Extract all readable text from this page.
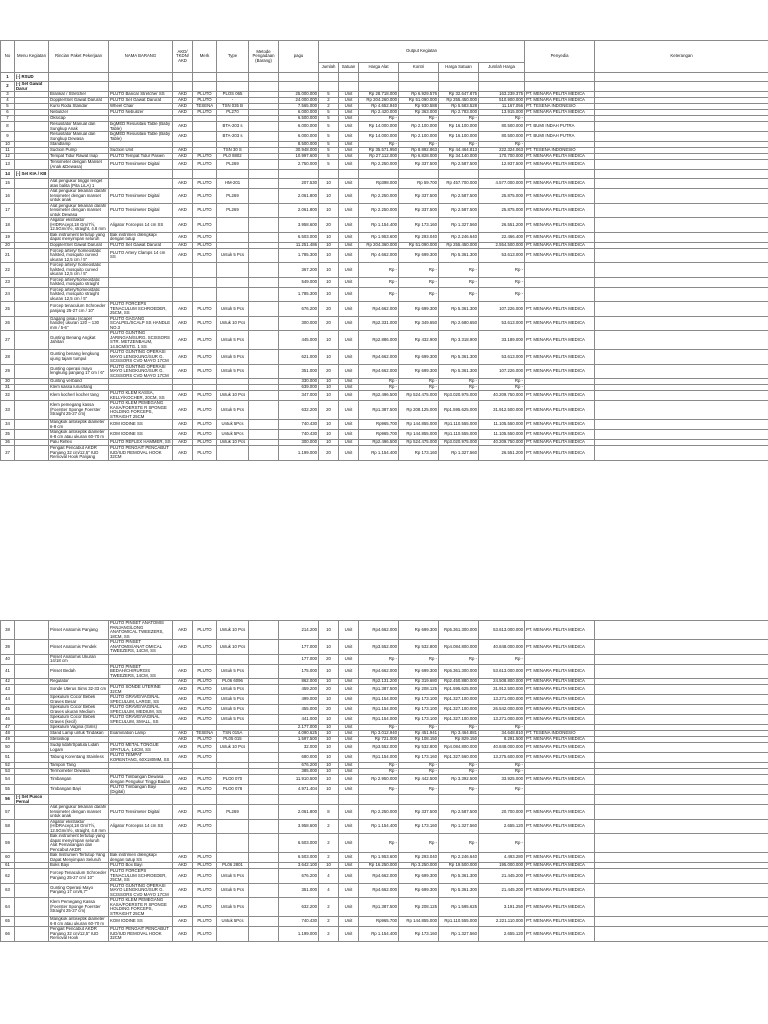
No	Menu Kegiatan	Rincian Paket Pekerjaan	NAMA BARANG	AKD/ TKDN/ AKD	Merk	Type	Metode Pengadaan (Barang)	pagu	Output Kegiatan						Penyedia	Keterangan
									Jumlah	Satuan	Harga Alat	Kontri	Harga Satuan	Jumlah Harga		
1	[-] RSUD															
2	[-] Set Gawat Darur															
3		Brankar / Stretcher	PLUTO Bancar Stretcher SS	AKD	PLUTO	PLOS 065		25.000.000	5	Unit	Rp 28.718.000	Rp 6.929.576	Rp 32.647.875	163.239.375	PT. MENARA PELITA MEDICA	
4		Doppler/Set Gawat Darurat	PLUTO Set Gawat Darurat	AKD	PLUTO	-		24.000.000	2	Unit	Rp 204.260.000	Rp 51.090.000	Rp 255.450.000	510.900.000	PT. MENARA PELITA MEDICA	
5		Kursi Roda Standar	Wheel Chair	AKD	TESENA	TSN 035 B		7.565.000	2	Unit	Rp 4.652.940	Rp 930.588	Rp 5.583.528	11.167.056	PT. TESENA INDONESIO	
6		Nebulizer	PLUTO Nebulizer	AKD	PLUTO	PL270		6.000.000	5	Unit	Rp 2.420.000	Rp 363.000	Rp 2.783.000	13.915.000	PT. MENARA PELITA MEDICA	
7		Oksicap						6.500.000	5	Unit	Rp -	Rp -	Rp -	Rp -		
8		Resusitator Manual dan Sungkup Anak	bigMED Resusitasi Table (Baby Table)	AKD		BTA-203 s		6.000.000	5	Unit	Rp 14.000.000	Rp 2.100.000	Rp 16.100.000	80.500.000	PT. BUMI INDAH PUTRA	
9		Resusitator Manual dan Sungkup Dewasa	bigMED Resusitasi Table (Baby Table)	AKD		BTA-203 s		6.000.000	5	Unit	Rp 14.000.000	Rp 2.100.000	Rp 16.100.000	80.500.000	PT. BUMI INDAH PUTRA	
10		Standlamp						8.500.000	5	Unit	Rp -	Rp -	Rp -	Rp -		
11		Suction Pump	Suction Unit	AKD		TSN 30 S		30.948.000	5	Unit	Rp 35.571.950	Rp 8.892.863	Rp 44.464.813	222.324.063	PT. TESENA INDONESIO	
12		Tempat Tidur Rawat Inap	PLUTO Tempat Tidur Pasien	AKD	PLUTO	PL0 8802		10.997.600	5	Unit	Rp 27.112.000	Rp 6.828.000	Rp 34.140.000	170.700.000	PT. MENARA PELITA MEDICA	
13		Tensimeter dengan Manset (Anak &Dewasa)	PLUTO Tensimeter Digital	AKD	PLUTO	PL269		2.750.000	5	Unit	Rp 2.250.000	Rp 337.500	Rp 2.587.500	12.937.500	PT. MENARA PELITA MEDICA	
14	[-] Set KIA / KB															
15		Alat pengukur tinggi/ Ienget atas balita (Pita LiLA) 1		AKD	PLUTO	HM-201		207.530	10	Unit	Rp398.000	Rp 59.700	Rp 457.700.000	4.577.000.000	PT. MENARA PELITA MEDICA	
16		Alat pengukur tekanan darah/ tensimeter dengan manset untuk anak	PLUTO Tensimeter Digital	AKD	PLUTO	PL269		2.061.800	10	Unit	Rp 2.250.000	Rp 337.500	Rp 2.587.500	25.875.000	PT. MENARA PELITA MEDICA	
17		Alat pengukur tekanan darah/ tensimeter dengan manset untuk Dewasa	PLUTO Tensimeter Digital	AKD	PLUTO	PL269		2.061.800	10	Unit	Rp 2.250.000	Rp 337.500	Rp 2.587.500	25.875.000	PT. MENARA PELITA MEDICA	
18		Aligator ekstraktor (HIDRAcept,18 Gm/7½, 12.5Gm/4½, straight, 4.8 mm	Aligator Forcepss 14 cm SS	AKD	PLUTO			3.958.600	20	Unit	Rp 1.154.400	Rp 173.160	Rp 1.327.560	26.551.200	PT. MENARA PELITA MEDICA	
19		Bak instrument tertutup yang dapat menyimpan seluruh	Bak instrimen dilengkapi dengan tutup	AKD	PLUTO			6.503.000	10	Unit	Rp 1.953.600	Rp 293.040	Rp 2.246.640	22.466.400	PT. MENARA PELITA MEDICA	
20		Doppler/Set Gawat Darurat	PLUTO Set Gawat Darurat	AKD	PLUTO			11.251.486	10	Unit	Rp 204.360.000	Rp 51.090.000	Rp 255.450.000	2.554.500.000	PT. MENARA PELITA MEDICA	
21		Forcep artery/ homeostatic halsted, mosquito curved ukuran 12,5 cm / 5"	PLUTO Artery Clamps 14 cm SS	AKD	PLUTO	Untuk 5 Pcs		1.785.300	10	Unit	Rp 4.662.000	Rp 699.300	Rp 5.361.300	53.613.000	PT. MENARA PELITA MEDICA	
22		Forcep artery/ homeostatic halsted, mosquito curved ukuran 12,5 cm / 5"						367.200	10	Unit	Rp -	Rp -	Rp -	Rp -		
23		Forcep artery/homeostatic halsted, mosquito straight						549.000	10	Unit	Rp -	Rp -	Rp -	Rp -		
24		Forcep artery/homeostatic halsted, mosquito straight ukuran 12,5 cm / 5"						1.785.300	10	Unit	Rp -	Rp -	Rp -	Rp -		
25		Forcep tenaculum Schroeder panjang 25-27 cm / 10"	PLUTO FORCEPS TENACULUM SCHROEDER, 25CM, SS	AKD	PLUTO	Untuk 5 Pcs		676.200	20	Unit	Rp4.662.000	Rp 699.300	Rp 5.361.300	107.226.000	PT. MENARA PELITA MEDICA	
26		Gagang pisau (scapel handle) ukuran 120 – 130 mm / 5-6"	PLUTO GAGANG SCALPEL/SCALP SS HANDLE NO.3	AKD	PLUTO	Untuk 10 Pcs		300.000	20	Unit	Rp2.331.000	Rp 349.650	Rp 2.680.650	53.613.000	PT. MENARA PELITA MEDICA	
27		Gunting Benang Angkat Jahitan	PLUTO GUNTING JARINGAN/SURG. SCISSORS STR. METZENBAUM, 14.5CM/STG. 1 SS	AKD	PLUTO	Untuk 5 Pcs		445.000	10	Unit	Rp2.886.000	Rp 432.900	Rp 3.318.900	33.189.000	PT. MENARA PELITA MEDICA	
28		Gunting benang lengkung ujung tajam tumpul	PLUTO GUNTING OPERASI MAYO LENGKUNG/SUR G. SCISSORS CVD MAYO 17CM	AKD	PLUTO	Untuk 5 Pcs		621.000	10	Unit	Rp4.662.000	Rp 699.300	Rp 5.361.300	53.613.000	PT. MENARA PELITA MEDICA	
29		Gunting operasi mayo lengkung panjang 17 cm / 6"	PLUTO GUNTING OPERASI MAYO LENGKUNG/SUR G. SCISSORS CVD MAYO 17CM	AKD	PLUTO	Untuk 5 Pcs		351.000	20	Unit	Rp4.662.000	Rp 699.300	Rp 5.361.300	107.226.000	PT. MENARA PELITA MEDICA	
30		Gunting verband						330.000	10	Unit	Rp -	Rp -	Rp -	Rp -		
31		Klem kassa lurus/tang						639.000	10	Unit	Rp -	Rp -	Rp -	Rp -		
32		Klem kocher/ kocher tang	PLUTO KLEM KASSA, KELLY/KOCHER, 20CM, SS	AKD	PLUTO	Untuk 10 Pcs		347.000	10	Unit	Rp2.496.500	Rp 524.475.000	Rp3.020.975.000	40.209.750.000	PT. MENARA PELITA MEDICA	
33		Klem pemegang kassa (Foerster Sponge Foerster Straight 25-27 cm)	PLUTO KLEM PEMEGANG KASA/FOERSTE R SPONGE HOLDING FORCEPS, STRAIGHT 25CM	AKD	PLUTO	Untuk 5 Pcs		632.200	20	Unit	Rp1.387.500	Rp 208.125.000	Rp1.595.625.000	31.912.500.000	PT. MENARA PELITA MEDICA	
34		Mangkok antiseptik diameter 6-8 cm	KOM IODINE SS	AKD	PLUTO	Untuk 5Pcs		740.430	10	Unit	Rp965.700	Rp 144.855.000	Rp1.110.555.000	11.105.550.000	PT. MENARA PELITA MEDICA	
35		Mangkok antiseptik diameter 6-8 cm atau ukuran 60-70 m	KOM IODINE SS	AKD	PLUTO	Untuk 5Pcs		740.430	10	Unit	Rp965.700	Rp 144.855.000	Rp1.110.555.000	11.105.550.000	PT. MENARA PELITA MEDICA	
36		Palu Reflex	PLUTO REFLEX HAMMER, SS	AKD	PLUTO	Untuk 10 Pcs		300.000	10	Unit	Rp2.496.500	Rp 524.475.000	Rp3.020.975.000	40.209.750.000	PT. MENARA PELITA MEDICA	
37		Pengait Pencabut AKDR Panjang 32 cm/12,5" IUD Removal Hook Panjang	PLUTO PENGAIT PENCABUT IUD/IUD REMOVAL HOOK 32CM	AKD	PLUTO			1.199.000	20	Unit	Rp 1.154.400	Rp 173.160	Rp 1.327.560	26.551.200	PT. MENARA PELITA MEDICA	
38		Pinset Anatomis Panjang	PLUTO PINSET ANATOMIS PANJANG/LONG ANATOMICAL TWEEZERS, 18CM, SS	AKD	PLUTO	Untuk 10 Pcs		214.200	10	Unit	Rp4.662.000	Rp 699.300	Rp5.361.300.000	53.613.000.000	PT. MENARA PELITA MEDICA	
39		Pinset Anatomis Pendek	PLUTO PINSET ANATOMIS/ANAT OMICAL TWEEZERS, 14CM, SS	AKD	PLUTO	Untuk 10 Pcs		177.000	10	Unit	Rp3.552.000	Rp 532.800	Rp4.084.800.000	40.848.000.000	PT. MENARA PELITA MEDICA	
40		Pinset Anatomis Ukuran 14/18 cm						177.000	20	Unit	Rp -	Rp -	Rp -	Rp -		
41		Pinset Bedah	PLUTO PINSET BEDAH/CHIRURGIS TWEEZERS, 14CM, SS	AKD	PLUTO	Untuk 5 Pcs		175.000	10	Unit	Rp4.662.000	Rp 699.300	Rp5.361.300.000	53.613.000.000	PT. MENARA PELITA MEDICA	
42		Regulator		AKD	PLUTO	PL06 6096		862.000	10	Unit	Rp2.131.200	Rp 319.680	Rp2.450.880.000	24.508.800.000	PT. MENARA PELITA MEDICA	
43		Sonde Uterus Sims 32-33 cm	PLUTO SONDE UTERINE 32CM	AKD	PLUTO	Untuk 5 Pcs		459.200	20	Unit	Rp1.387.500	Rp 208.125	Rp1.595.625.000	31.912.500.000	PT. MENARA PELITA MEDICA	
44		Spekulum Cocor Bebek Graves Besar	PLUTO GRAVE/VAGINAL SPECULUM, LARGE, SS	AKD	PLUTO	Untuk 5 Pcs		499.000	10	Unit	Rp1.154.000	Rp 173.100	Rp1.327.100.000	13.271.000.000	PT. MENARA PELITA MEDICA	
45		Spekulum Cocor Bebek Graves ukuran Medium	PLUTO GRAVE/VAGINAL SPECULUM, MEDIUM, SS	AKD	PLUTO	Untuk 5 Pcs		455.000	20	Unit	Rp1.154.000	Rp 173.100	Rp1.327.100.000	26.542.000.000	PT. MENARA PELITA MEDICA	
46		Spekulum Cocor Bebek Graves (kecil)	PLUTO GRAVE/VAGINAL SPECULUM, SMALL, SS	AKD	PLUTO	Untuk 5 Pcs		441.000	10	Unit	Rp1.154.000	Rp 173.100	Rp1.327.100.000	13.271.000.000	PT. MENARA PELITA MEDICA	
47		Spekulum Vagina (Sims)						2.177.000	10	Unit	Rp -	Rp -	Rp -	Rp -		
48		Stand Lamp untuk Tindakan	Examination Lamp	AKD	TESENA	TSN 015A		4.090.625	10	Unit	Rp 3.012.940	Rp 451.941	Rp 3.464.881	34.648.810	PT. TESENA INDONESIO	
49		Stetoskop		AKD	PLUTO	PL05 015		1.597.500	10	Unit	Rp 721.000	Rp 108.150	Rp 829.150	8.291.500	PT. MENARA PELITA MEDICA	
50		Sudip lidah/Spatula Lidah Logam	PLUTO METAL TONGUE SPATULA, 14CM, SS	AKD	PLUTO	Untuk 10 Pcs		32.000	10	Unit	Rp3.552.000	Rp 532.800	Rp4.084.800.000	40.848.000.000	PT. MENARA PELITA MEDICA	
51		Tabung Korentang Stainless	PLUTO TEMPAT KORENTANG, 60X180MM, SS	AKD	PLUTO			680.000	10	Unit	Rp1.154.000	Rp 173.160	Rp1.327.560.000	13.275.600.000	PT. MENARA PELITA MEDICA	
52		Tampon Tang						676.200	10	Unit	Rp -	Rp -	Rp -	Rp -		
53		Termometer Dewasa						385.000	10	Unit	Rp -	Rp -	Rp -	Rp -		
54		Timbangan	PLUTO Timbangan Dewasa dengan Pengukur Tinggi Badan	AKD	PLUTO	PLO0 070		11.910.500	10	Unit	Rp 2.950.000	Rp 442.500	Rp 3.392.500	33.925.000	PT. MENARA PELITA MEDICA	
55		Timbangan Bayi	PLUTO Timbangan Bayi (Digital)	AKD	PLUTO	PLO0 078		4.971.404	10	Unit	Rp -	Rp -	Rp -	Rp -		
56	[-] Set Pusco Pernal															
57		Alat pengukur tekanan darah/ tensimeter dengan manset untuk anak	PLUTO Tensimeter Digital	AKD	PLUTO	PL269		2.061.800	8	Unit	Rp 2.250.000	Rp 337.500	Rp 2.587.500	20.700.000	PT. MENARA PELITA MEDICA	
58		Aligator ekstraktor (HIDRAcept,18 Gm/7½, 12.5Gm/4½, straight, 4.8 mm	Aligator Forcepss 14 cm SS	AKD	PLUTO			3.958.600	2	Unit	Rp 1.154.400	Rp 173.160	Rp 1.327.560	2.655.120	PT. MENARA PELITA MEDICA	
59		Bak instrument tertutup yang dapat menyimpan seluruh Alat Pemasangan dan Pencabut AKDR						6.503.000	2	Unit	Rp -	Rp -	Rp -	Rp -		
60		Bak Instrumen Tertutup Yang Dapat Menyimpan Seluruh	Bak instrimen dilengkapi dengan tutup SS	AKD	PLUTO			6.503.000	2	Unit	Rp 1.953.600	Rp 293.040	Rp 2.246.640	4.493.280	PT. MENARA PELITA MEDICA	
61		Boks Bayi	PLUTO Box Bayi	AKD	PLUTO	PL06 2801		3.642.100	10	Unit	Rp 16.250.000	Rp 3.250.000	Rp 19.500.000	195.000.000	PT. MENARA PELITA MEDICA	
62		Forcep Tenaculum Schroeder Panjang 25-27 cm/ 10"	PLUTO FORCEPS TENACULUM SCHROEDER, 25CM, SS	AKD	PLUTO	Untuk 5 Pcs		676.200	4	Unit	Rp4.662.000	Rp 699.300	Rp 5.361.300	21.445.200	PT. MENARA PELITA MEDICA	
63		Gunting Operasi Mayo Panjang 17 cm/6,7"	PLUTO GUNTING OPERASI MAYO LENGKUNG/SUR G. SCISSORS CVD MAYO 17CM	AKD	PLUTO	Untuk 5 Pcs		351.000	4	Unit	Rp4.662.000	Rp 699.300	Rp 5.361.300	21.445.200	PT. MENARA PELITA MEDICA	
64		Klem Pemegang Kassa (Foerster Sponge Foerster Straight 25-27 cm)	PLUTO KLEM PEMEGANG KASA/FOERSTE R SPONGE HOLDING FORCEPS, STRAIGHT 25CM	AKD	PLUTO	Untuk 5 Pcs		632.200	2	Unit	Rp1.387.500	Rp 208.125	Rp 1.595.625	3.191.250	PT. MENARA PELITA MEDICA	
65		Mangkok antiseptik diameter 6-8 cm atau ukuran 60-70 m	KOM IODINE SS	AKD	PLUTO	Untuk 5Pcs		740.430	2	Unit	Rp965.700	Rp 144.855.000	Rp1.110.555.000	2.221.110.000	PT. MENARA PELITA MEDICA	
66		Pengait Pencabut AKDR Panjang 32 cm/12,5" IUD Removal Hook	PLUTO PENGAIT PENCABUT IUD/IUD REMOVAL HOOK 32CM	AKD	PLUTO			1.199.000	2	Unit	Rp 1.154.400	Rp 173.160	Rp 1.327.560	2.655.120	PT. MENARA PELITA MEDICA	
